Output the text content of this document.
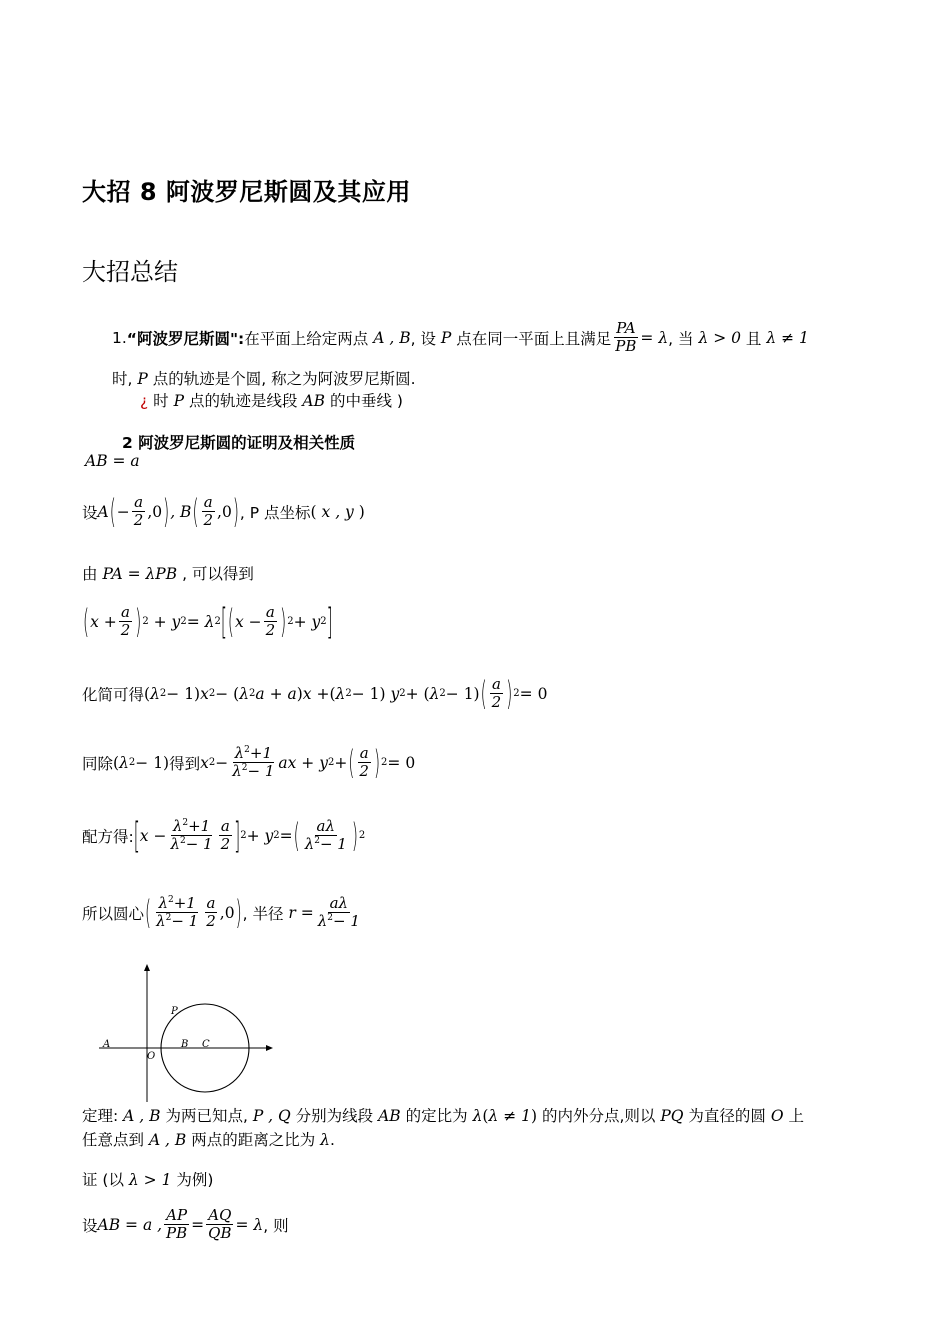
大招 8 阿波罗尼斯圆及其应用
大招总结
1. “阿波罗尼斯圆": 在平面上给定两点
A , B , 设
P
点在同一平面上且满足 $\frac{PA}{PB} = \lambda$ , 当
λ > 0
且
λ ≠ 1
时, P 点的轨迹是个圆, 称之为阿波罗尼斯圆.
¿ 时 P 点的轨迹是线段 AB 的中垂线 )
2 阿波罗尼斯圆的证明及相关性质
AB = a
设 A ( − $\frac{a}{2} ,0$ ) , B ( $\frac{a}{2} ,0$ ) , P 点坐标 ( x , y )
由 PA = λPB , 可以得到
( $x + \frac{a}{2}$ ) 2 + y 2 = λ 2 [ ( $x - \frac{a}{2}$ ) 2 + y 2 ]
化简可得 ( λ 2 − 1) x 2 − ( λ 2 a + a ) x + ( λ 2 − 1) y 2 + ( λ 2 − 1) ( $\frac{a}{2}$ ) 2 = 0
同除 ( λ 2 − 1) 得到 x $2 - \frac{\lambda^2+1}{\lambda^2- 1}$ ax + y 2 + ( $\frac{a}{2}$ ) 2 = 0
配方得: [ $x - \frac{\lambda^2+1}{\lambda^2- 1} \frac{a}{2}$ ] 2 + y 2 = ( $\frac{a\lambda}{\lambda^2- 1}$ ) 2
所以圆心 ( $\frac{\lambda^2+1}{\lambda^2- 1} \frac{a}{2} ,0$ ) , 半径 $r = \frac{a\lambda}{\lambda^2- 1}$
P
A
O
B C
定理: A , B 为两已知点, P , Q 分别为线段 AB 的定比为 λ(λ ≠ 1) 的内外分点,则以 PQ 为直径的圆 O 上
任意点到 A , B 两点的距离之比为 λ.
证 (以 λ > 1 为例)
设 AB = a , $\frac{AP}{PB} = \frac{AQ}{QB} = \lambda$ , 则
